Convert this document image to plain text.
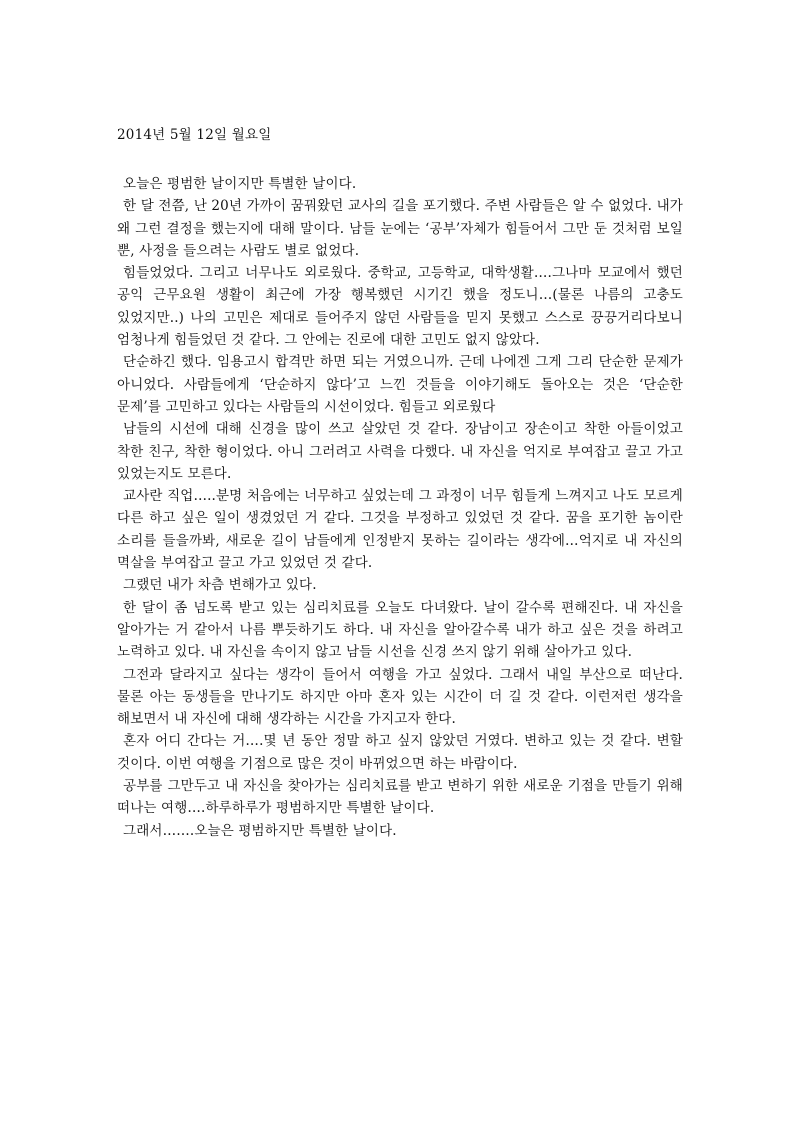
2014년 5월 12일 월요일

오늘은 평범한 날이지만 특별한 날이다.

한 달 전쯤, 난 20년 가까이 꿈꿔왔던 교사의 길을 포기했다. 주변 사람들은 알 수 없었다. 내가 왜 그런 결정을 했는지에 대해 말이다. 남들 눈에는 ‘공부’자체가 힘들어서 그만 둔 것처럼 보일 뿐, 사정을 들으려는 사람도 별로 없었다.

힘들었었다. 그리고 너무나도 외로웠다. 중학교, 고등학교, 대학생활….그나마 모교에서 했던 공익 근무요원 생활이 최근에 가장 행복했던 시기긴 했을 정도니…(물론 나름의 고충도 있었지만..) 나의 고민은 제대로 들어주지 않던 사람들을 믿지 못했고 스스로 끙끙거리다보니 엄청나게 힘들었던 것 같다. 그 안에는 진로에 대한 고민도 없지 않았다.

단순하긴 했다. 임용고시 합격만 하면 되는 거였으니까. 근데 나에겐 그게 그리 단순한 문제가 아니었다. 사람들에게 ‘단순하지 않다’고 느낀 것들을 이야기해도 돌아오는 것은 ‘단순한 문제’를 고민하고 있다는 사람들의 시선이었다. 힘들고 외로웠다

남들의 시선에 대해 신경을 많이 쓰고 살았던 것 같다. 장남이고 장손이고 착한 아들이었고 착한 친구, 착한 형이었다. 아니 그러려고 사력을 다했다. 내 자신을 억지로 부여잡고 끌고 가고 있었는지도 모른다.

교사란 직업…..분명 처음에는 너무하고 싶었는데 그 과정이 너무 힘들게 느껴지고 나도 모르게 다른 하고 싶은 일이 생겼었던 거 같다. 그것을 부정하고 있었던 것 같다. 꿈을 포기한 놈이란 소리를 들을까봐, 새로운 길이 남들에게 인정받지 못하는 길이라는 생각에…억지로 내 자신의 멱살을 부여잡고 끌고 가고 있었던 것 같다.

그랬던 내가 차츰 변해가고 있다.

한 달이 좀 넘도록 받고 있는 심리치료를 오늘도 다녀왔다. 날이 갈수록 편해진다. 내 자신을 알아가는 거 같아서 나름 뿌듯하기도 하다. 내 자신을 알아갈수록 내가 하고 싶은 것을 하려고 노력하고 있다. 내 자신을 속이지 않고 남들 시선을 신경 쓰지 않기 위해 살아가고 있다.

그전과 달라지고 싶다는 생각이 들어서 여행을 가고 싶었다. 그래서 내일 부산으로 떠난다. 물론 아는 동생들을 만나기도 하지만 아마 혼자 있는 시간이 더 길 것 같다. 이런저런 생각을 해보면서 내 자신에 대해 생각하는 시간을 가지고자 한다.

혼자 어디 간다는 거….몇 년 동안 정말 하고 싶지 않았던 거였다. 변하고 있는 것 같다. 변할 것이다. 이번 여행을 기점으로 많은 것이 바뀌었으면 하는 바람이다.

공부를 그만두고 내 자신을 찾아가는 심리치료를 받고 변하기 위한 새로운 기점을 만들기 위해 떠나는 여행….하루하루가 평범하지만 특별한 날이다.

그래서…….오늘은 평범하지만 특별한 날이다.
